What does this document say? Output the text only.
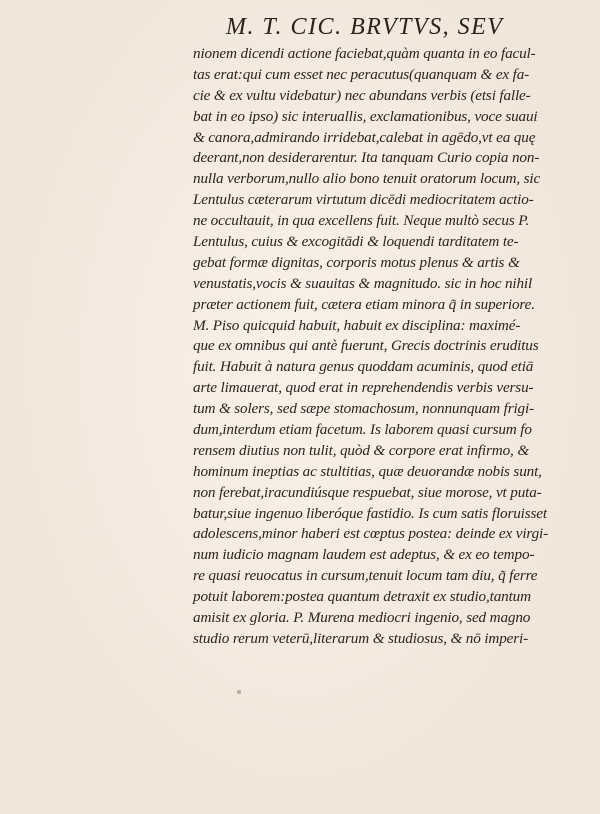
M. T. CIC. BRVTVS, SEV
nionem dicendi actione faciebat,quàm quanta in eo facul-
tas erat:qui cum esset nec peracutus(quanquam & ex fa-
cie & ex vultu videbatur) nec abundans verbis (etsi falle-
bat in eo ipso) sic interuallis, exclamationibus, voce suaui
& canora,admirando irridebat,calebat in agēdo,vt ea quę
deerant,non desiderarentur. Ita tanquam Curio copia non-
nulla verborum,nullo alio bono tenuit oratorum locum, sic
Lentulus cæterarum virtutum dicēdi mediocritatem actio-
ne occultauit, in qua excellens fuit. Neque multò secus P.
Lentulus, cuius & excogitādi & loquendi tarditatem te-
gebat formæ dignitas, corporis motus plenus & artis &
venustatis,vocis & suauitas & magnitudo. sic in hoc nihil
præter actionem fuit, cætera etiam minora q̃ in superiore.
M. Piso quicquid habuit, habuit ex disciplina: maximé-
que ex omnibus qui antè fuerunt, Grecis doctrinis eruditus
fuit. Habuit à natura genus quoddam acuminis, quod etiā
arte limauerat, quod erat in reprehendendis verbis versu-
tum & solers, sed sæpe stomachosum, nonnunquam frigi-
dum,interdum etiam facetum. Is laborem quasi cursum fo
rensem diutius non tulit, quòd & corpore erat infirmo, &
hominum ineptias ac stultitias, quæ deuorandæ nobis sunt,
non ferebat,iracundiúsque respuebat, siue morose, vt puta-
batur,siue ingenuo liberóque fastidio. Is cum satis floruisset
adolescens,minor haberi est cœptus postea: deinde ex virgi-
num iudicio magnam laudem est adeptus, & ex eo tempo-
re quasi reuocatus in cursum,tenuit locum tam diu, q̃ ferre
potuit laborem:postea quantum detraxit ex studio,tantum
amisit ex gloria. P. Murena mediocri ingenio, sed magno
studio rerum veterū,literarum & studiosus, & nō imperi-
